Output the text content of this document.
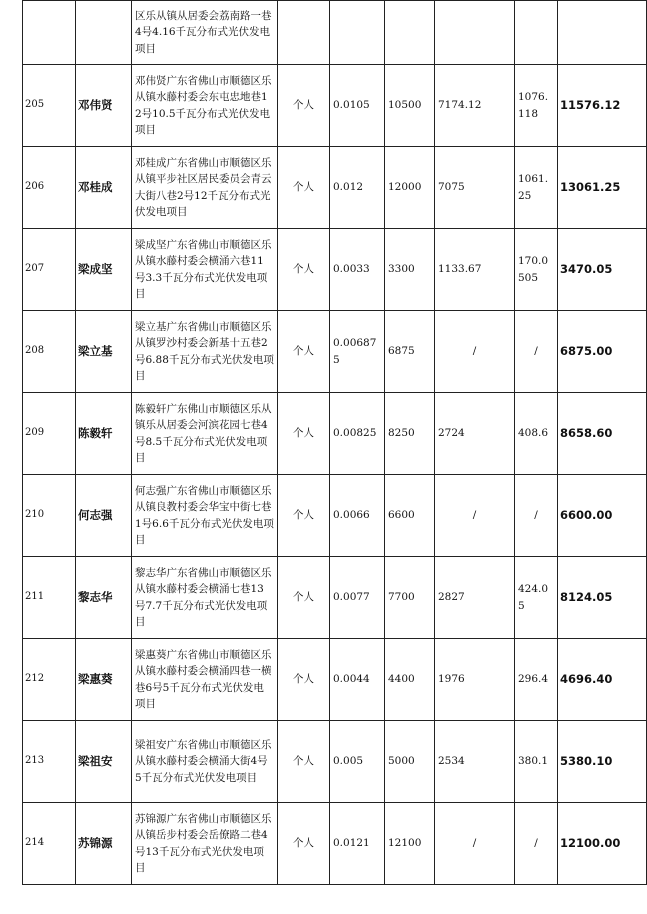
		区乐从镇从居委会荔南路一巷4号4.16千瓦分布式光伏发电项目						
205	邓伟贤	邓伟贤广东省佛山市顺德区乐从镇水藤村委会东屯忠地巷12号10.5千瓦分布式光伏发电项目	个人	0.0105	10500	7174.12	1076.118	11576.12
206	邓桂成	邓桂成广东省佛山市顺德区乐从镇平步社区居民委员会青云大街八巷2号12千瓦分布式光伏发电项目	个人	0.012	12000	7075	1061.25	13061.25
207	梁成坚	梁成坚广东省佛山市顺德区乐从镇水藤村委会横涌六巷11号3.3千瓦分布式光伏发电项目	个人	0.0033	3300	1133.67	170.0505	3470.05
208	梁立基	梁立基广东省佛山市顺德区乐从镇罗沙村委会新基十五巷2号6.88千瓦分布式光伏发电项目	个人	0.006875	6875	/	/	6875.00
209	陈毅轩	陈毅轩广东佛山市顺德区乐从镇乐从居委会河滨花园七巷4号8.5千瓦分布式光伏发电项目	个人	0.00825	8250	2724	408.6	8658.60
210	何志强	何志强广东省佛山市顺德区乐从镇良教村委会华宝中街七巷1号6.6千瓦分布式光伏发电项目	个人	0.0066	6600	/	/	6600.00
211	黎志华	黎志华广东省佛山市顺德区乐从镇水藤村委会横涌七巷13号7.7千瓦分布式光伏发电项目	个人	0.0077	7700	2827	424.05	8124.05
212	梁惠葵	梁惠葵广东省佛山市顺德区乐从镇水藤村委会横涌四巷一横巷6号5千瓦分布式光伏发电项目	个人	0.0044	4400	1976	296.4	4696.40
213	梁祖安	梁祖安广东省佛山市顺德区乐从镇水藤村委会横涌大街4号5千瓦分布式光伏发电项目	个人	0.005	5000	2534	380.1	5380.10
214	苏锦源	苏锦源广东省佛山市顺德区乐从镇岳步村委会岳僚路二巷4号13千瓦分布式光伏发电项目	个人	0.0121	12100	/	/	12100.00
